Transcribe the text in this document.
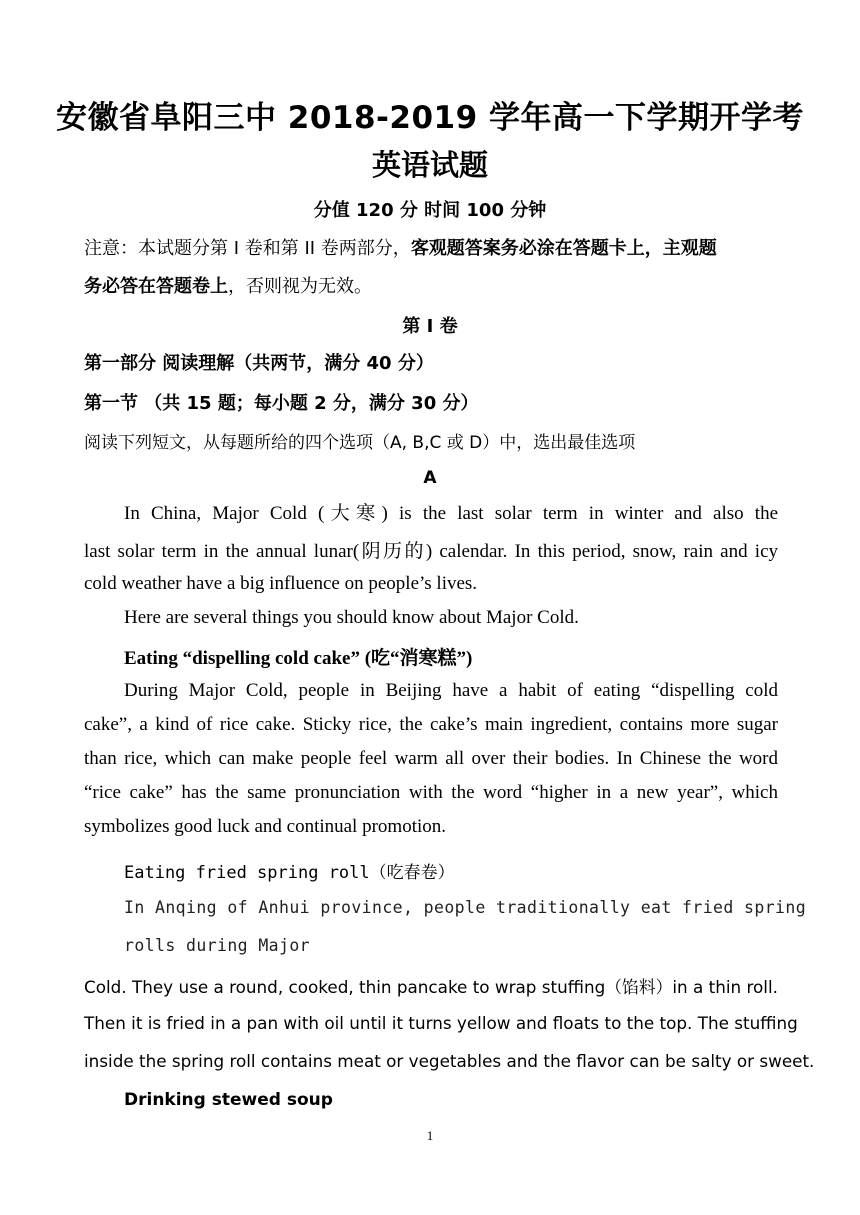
安徽省阜阳三中 2018-2019 学年高一下学期开学考
英语试题
分值 120 分 时间 100 分钟
注意：本试题分第 I 卷和第 II 卷两部分，客观题答案务必涂在答题卡上，主观题
务必答在答题卷上，否则视为无效。
第 I 卷
第一部分 阅读理解（共两节，满分 40 分）
第一节 （共 15 题；每小题 2 分，满分 30 分）
阅读下列短文，从每题所给的四个选项（A, B,C 或 D）中，选出最佳选项
A
In China, Major Cold (大寒) is the last solar term in winter and also the
last solar term in the annual lunar(阴历的) calendar. In this period, snow, rain and icy
cold weather have a big influence on people’s lives.
Here are several things you should know about Major Cold.
Eating “dispelling cold cake” (吃“消寒糕”)
During Major Cold, people in Beijing have a habit of eating “dispelling cold
cake”, a kind of rice cake. Sticky rice, the cake’s main ingredient, contains more sugar
than rice, which can make people feel warm all over their bodies. In Chinese the word
“rice cake” has the same pronunciation with the word “higher in a new year”, which
symbolizes good luck and continual promotion.
Eating fried spring roll（吃春卷）
In Anqing of Anhui province, people traditionally eat fried spring
rolls during Major
Cold. They use a round, cooked, thin pancake to wrap stuffing（馅料）in a thin roll.
Then it is fried in a pan with oil until it turns yellow and floats to the top. The stuffing
inside the spring roll contains meat or vegetables and the flavor can be salty or sweet.
Drinking stewed soup
1
